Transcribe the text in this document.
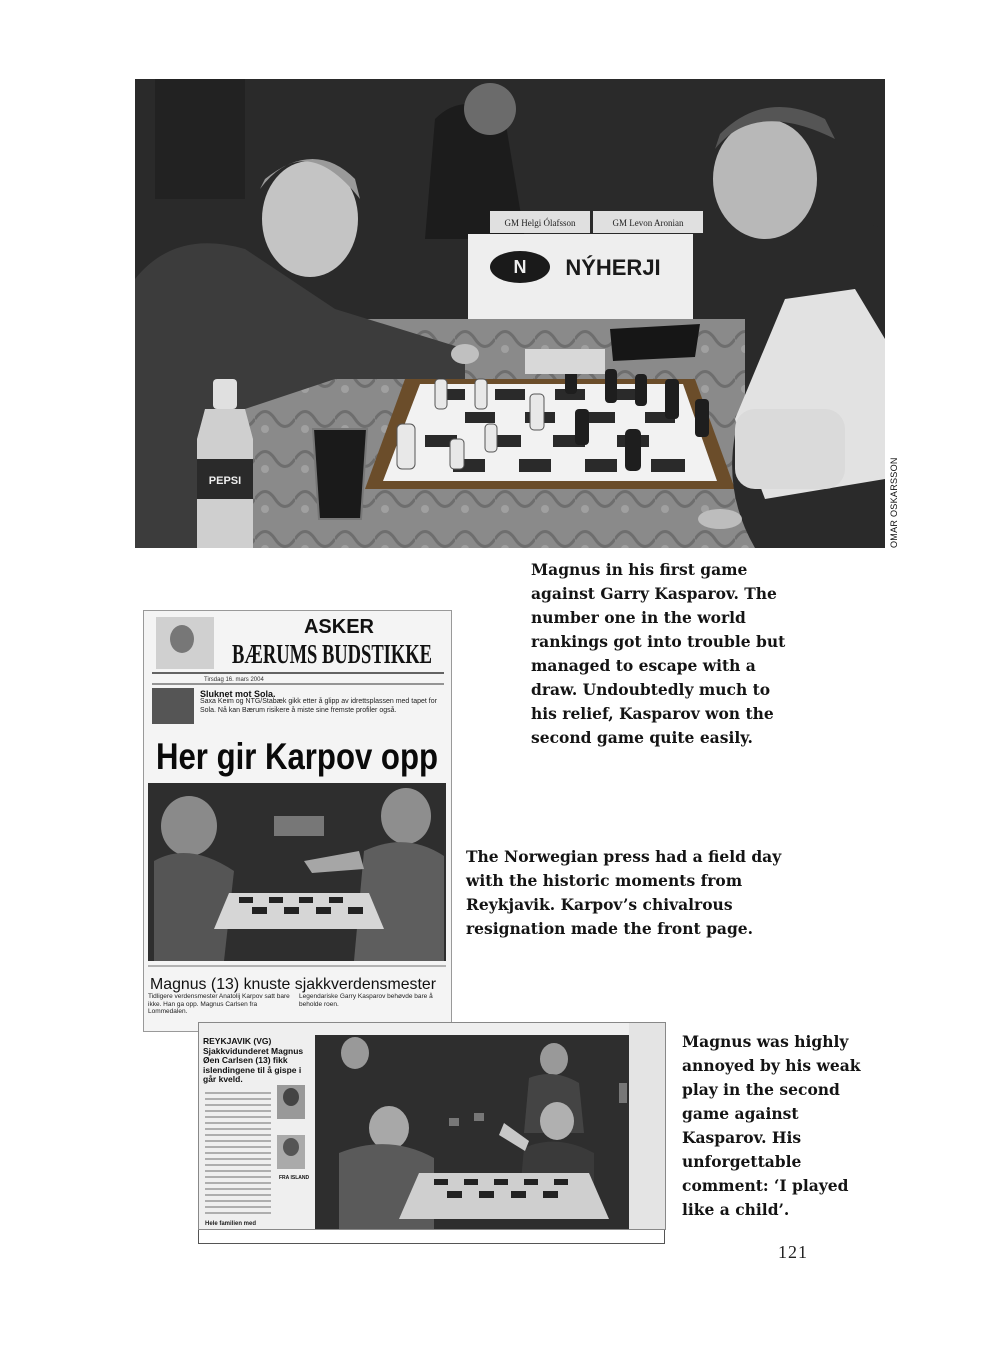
GM Helgi Ólafsson	GM Levon Aronian
N NÝHERJI
PEPSI	OMAR OSKARSSON
Magnus in his first game against Garry Kasparov. The number one in the world rankings got into trouble but managed to escape with a draw. Undoubtedly much to his relief, Kasparov won the second game quite easily.
ASKER
BÆRUMS BUDSTIKKE
Tirsdag 16. mars 2004
Sluknet mot Sola.
Saxa Keim og NTG/Stabæk gikk etter å glipp av idrettsplassen med tapet for Sola. Nå kan Bærum risikere å miste sine fremste profiler også.
Her gir Karpov opp
Magnus (13) knuste sjakkverdensmester
Tidligere verdensmester Anatolij Karpov satt bare ikke. Han ga opp. Magnus Carlsen fra Lommedalen.
Legendariske Garry Kasparov behøvde bare å beholde roen.
The Norwegian press had a field day with the historic moments from Reykjavik. Karpov’s chivalrous resignation made the front page.
REYKJAVIK (VG) Sjakkvidunderet Magnus Øen Carlsen (13) fikk islendingene til å gispe i går kveld.
FRA ISLAND
Hele familien med
Magnus was highly annoyed by his weak play in the second game against Kasparov. His unforgettable comment: ‘I played like a child’.
121
